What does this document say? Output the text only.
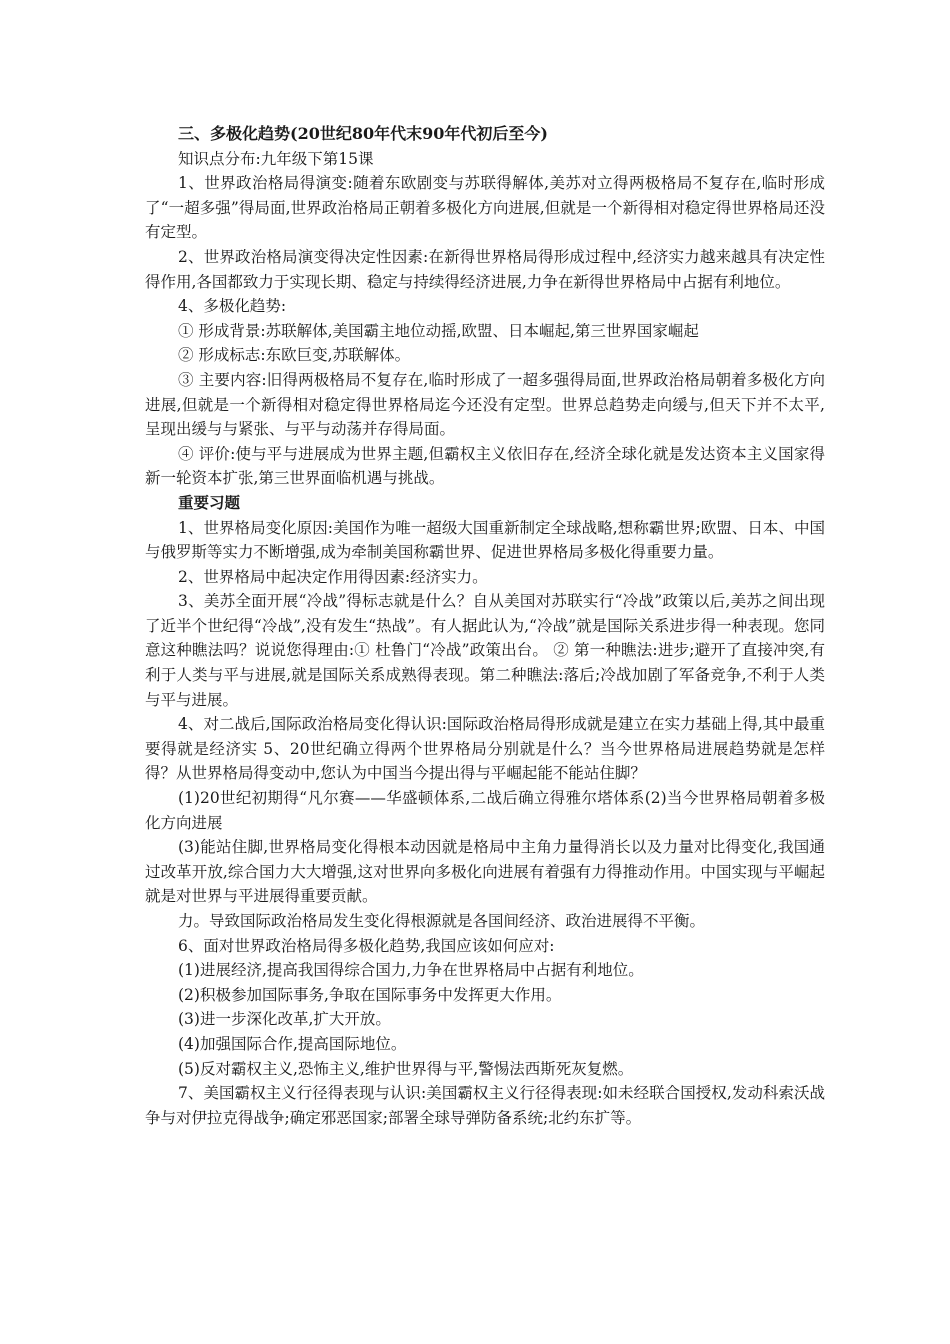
三、多极化趋势(20世纪80年代末90年代初后至今)

知识点分布:九年级下第15课

1、世界政治格局得演变:随着东欧剧变与苏联得解体,美苏对立得两极格局不复存在,临时形成了“一超多强”得局面,世界政治格局正朝着多极化方向进展,但就是一个新得相对稳定得世界格局还没有定型。

2、世界政治格局演变得决定性因素:在新得世界格局得形成过程中,经济实力越来越具有决定性得作用,各国都致力于实现长期、稳定与持续得经济进展,力争在新得世界格局中占据有利地位。

4、多极化趋势:

① 形成背景:苏联解体,美国霸主地位动摇,欧盟、日本崛起,第三世界国家崛起

② 形成标志:东欧巨变,苏联解体。

③ 主要内容:旧得两极格局不复存在,临时形成了一超多强得局面,世界政治格局朝着多极化方向进展,但就是一个新得相对稳定得世界格局迄今还没有定型。世界总趋势走向缓与,但天下并不太平,呈现出缓与与紧张、与平与动荡并存得局面。

④ 评价:使与平与进展成为世界主题,但霸权主义依旧存在,经济全球化就是发达资本主义国家得新一轮资本扩张,第三世界面临机遇与挑战。

重要习题

1、世界格局变化原因:美国作为唯一超级大国重新制定全球战略,想称霸世界;欧盟、日本、中国与俄罗斯等实力不断增强,成为牵制美国称霸世界、促进世界格局多极化得重要力量。

2、世界格局中起决定作用得因素:经济实力。

3、美苏全面开展“冷战”得标志就是什么？自从美国对苏联实行“冷战”政策以后,美苏之间出现了近半个世纪得“冷战”,没有发生“热战”。有人据此认为,“冷战”就是国际关系进步得一种表现。您同意这种瞧法吗？说说您得理由:① 杜鲁门“冷战”政策出台。 ② 第一种瞧法:进步;避开了直接冲突,有利于人类与平与进展,就是国际关系成熟得表现。第二种瞧法:落后;冷战加剧了军备竞争,不利于人类与平与进展。

4、对二战后,国际政治格局变化得认识:国际政治格局得形成就是建立在实力基础上得,其中最重要得就是经济实 5、20世纪确立得两个世界格局分别就是什么？当今世界格局进展趋势就是怎样得？从世界格局得变动中,您认为中国当今提出得与平崛起能不能站住脚？

(1)20世纪初期得“凡尔赛——华盛顿体系,二战后确立得雅尔塔体系(2)当今世界格局朝着多极化方向进展

(3)能站住脚,世界格局变化得根本动因就是格局中主角力量得消长以及力量对比得变化,我国通过改革开放,综合国力大大增强,这对世界向多极化向进展有着强有力得推动作用。中国实现与平崛起就是对世界与平进展得重要贡献。

力。导致国际政治格局发生变化得根源就是各国间经济、政治进展得不平衡。

6、面对世界政治格局得多极化趋势,我国应该如何应对:

(1)进展经济,提高我国得综合国力,力争在世界格局中占据有利地位。

(2)积极参加国际事务,争取在国际事务中发挥更大作用。

(3)进一步深化改革,扩大开放。

(4)加强国际合作,提高国际地位。

(5)反对霸权主义,恐怖主义,维护世界得与平,警惕法西斯死灰复燃。

7、美国霸权主义行径得表现与认识:美国霸权主义行径得表现:如未经联合国授权,发动科索沃战争与对伊拉克得战争;确定邪恶国家;部署全球导弹防备系统;北约东扩等。
